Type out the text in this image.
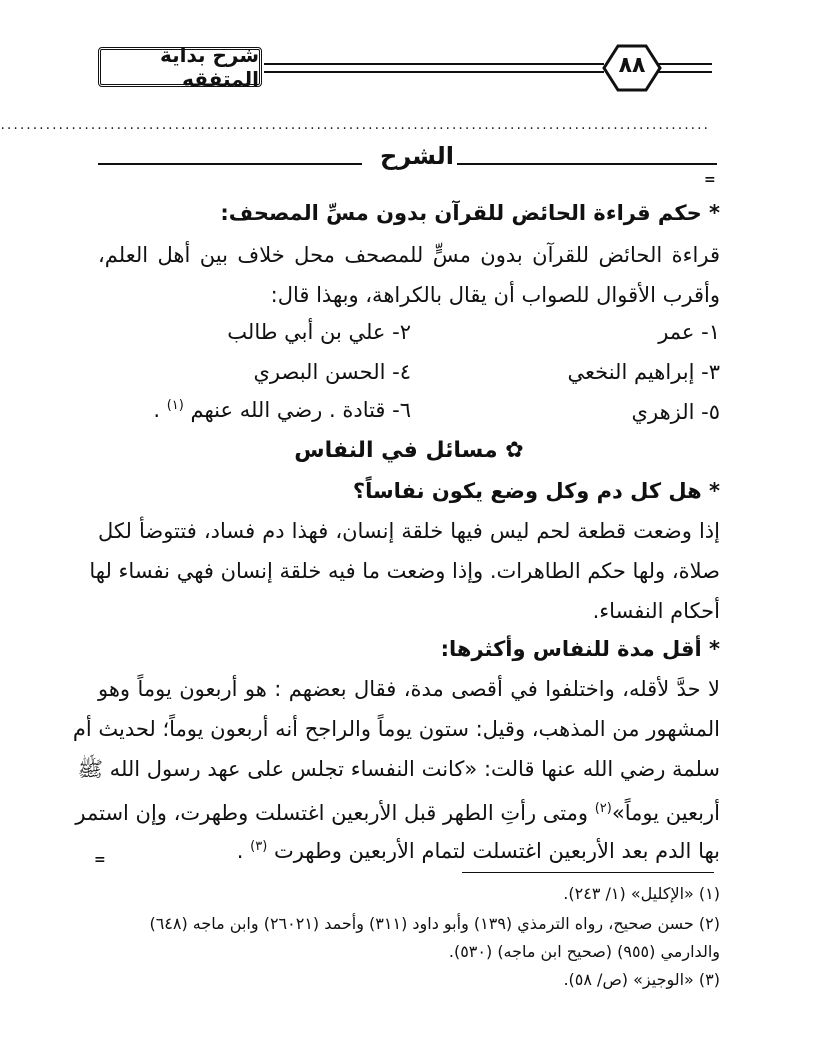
شرح بداية المتفقه
٨٨
..............................................................................................................
الشرح
=
* حكم قراءة الحائض للقرآن بدون مسِّ المصحف:
قراءة الحائض للقرآن بدون مسٍّ للمصحف محل خلاف بين أهل العلم،
وأقرب الأقوال للصواب أن يقال بالكراهة، وبهذا قال:
١- عمر
٢- علي بن أبي طالب
٣- إبراهيم النخعي
٤- الحسن البصري
٥- الزهري
٦- قتادة . رضي الله عنهم $^{(١)}$ .
✿ مسائل في النفاس
* هل كل دم وكل وضع يكون نفاساً؟
إذا وضعت قطعة لحم ليس فيها خلقة إنسان، فهذا دم فساد، فتتوضأ لكل
صلاة، ولها حكم الطاهرات. وإذا وضعت ما فيه خلقة إنسان فهي نفساء لها
أحكام النفساء.
* أقل مدة للنفاس وأكثرها:
لا حدَّ لأقله، واختلفوا في أقصى مدة، فقال بعضهم : هو أربعون يوماً وهو
المشهور من المذهب، وقيل: ستون يوماً والراجح أنه أربعون يوماً؛ لحديث أم
سلمة رضي الله عنها قالت: «كانت النفساء تجلس على عهد رسول الله ﷺ
أربعين يوماً»$^{(٢)}$ ومتى رأتِ الطهر قبل الأربعين اغتسلت وطهرت، وإن استمر
بها الدم بعد الأربعين اغتسلت لتمام الأربعين وطهرت $^{(٣)}$ .
=
(١) «الإكليل» (١/ ٢٤٣).
(٢) حسن صحيح، رواه الترمذي (١٣٩) وأبو داود (٣١١) وأحمد (٢٦٠٢١) وابن ماجه (٦٤٨)
والدارمي (٩٥٥) (صحيح ابن ماجه) (٥٣٠).
(٣) «الوجيز» (ص/ ٥٨).
